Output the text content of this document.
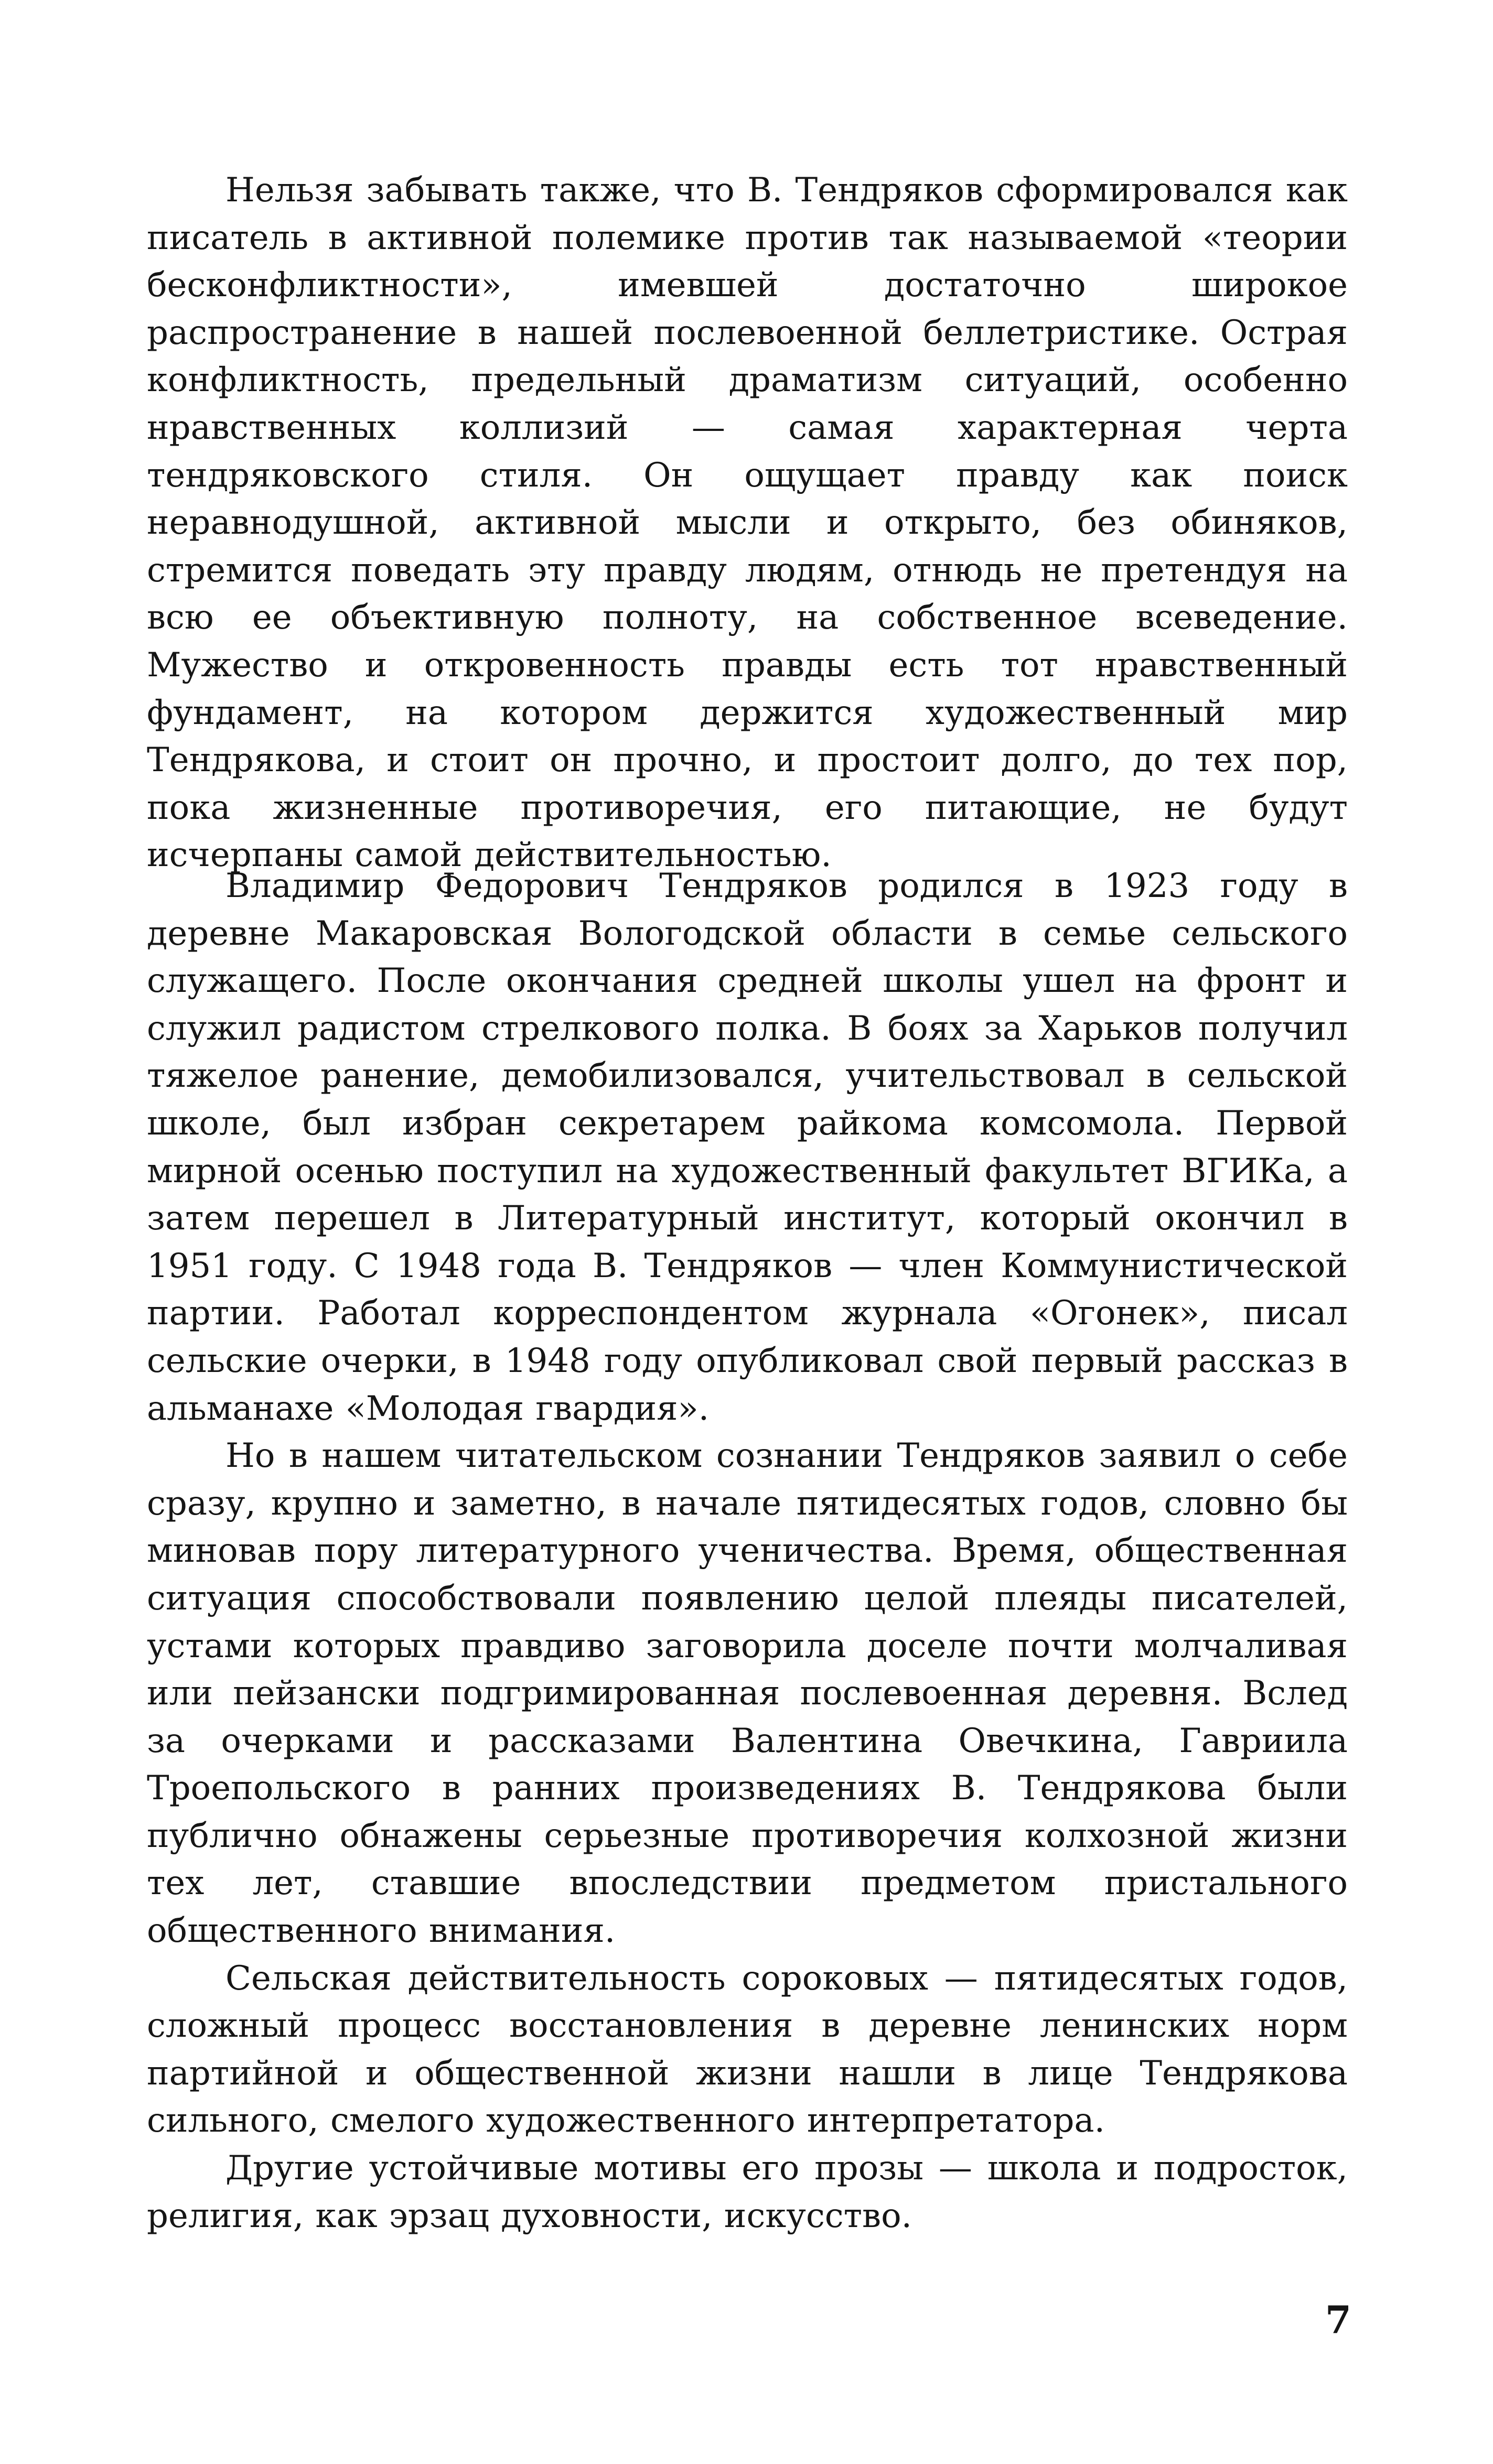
Нельзя забывать также, что В. Тендряков сформировался как писатель в активной полемике против так называемой «теории бесконфликтности», имевшей достаточно широкое распространение в нашей послевоенной беллетристике. Острая конфликтность, предельный драматизм ситуаций, особенно нравственных коллизий — самая характерная черта тендряковского стиля. Он ощущает правду как поиск неравнодушной, активной мысли и открыто, без обиняков, стремится поведать эту правду людям, отнюдь не претендуя на всю ее объективную полноту, на собственное всеведение. Мужество и откровенность правды есть тот нравственный фундамент, на котором держится художественный мир Тендрякова, и стоит он прочно, и простоит долго, до тех пор, пока жизненные противоречия, его питающие, не будут исчерпаны самой действительностью.

Владимир Федорович Тендряков родился в 1923 году в деревне Макаровская Вологодской области в семье сельского служащего. После окончания средней школы ушел на фронт и служил радистом стрелкового полка. В боях за Харьков получил тяжелое ранение, демобилизовался, учительствовал в сельской школе, был избран секретарем райкома комсомола. Первой мирной осенью поступил на художественный факультет ВГИКа, а затем перешел в Литературный институт, который окончил в 1951 году. С 1948 года В. Тендряков — член Коммунистической партии. Работал корреспондентом журнала «Огонек», писал сельские очерки, в 1948 году опубликовал свой первый рассказ в альманахе «Молодая гвардия».

Но в нашем читательском сознании Тендряков заявил о себе сразу, крупно и заметно, в начале пятидесятых годов, словно бы миновав пору литературного ученичества. Время, общественная ситуация способствовали появлению целой плеяды писателей, устами которых правдиво заговорила доселе почти молчаливая или пейзански подгримированная послевоенная деревня. Вслед за очерками и рассказами Валентина Овечкина, Гавриила Троепольского в ранних произведениях В. Тендрякова были публично обнажены серьезные противоречия колхозной жизни тех лет, ставшие впоследствии предметом пристального общественного внимания.

Сельская действительность сороковых — пятидесятых годов, сложный процесс восстановления в деревне ленинских норм партийной и общественной жизни нашли в лице Тендрякова сильного, смелого художественного интерпретатора.

Другие устойчивые мотивы его прозы — школа и подросток, религия, как эрзац духовности, искусство.

7
